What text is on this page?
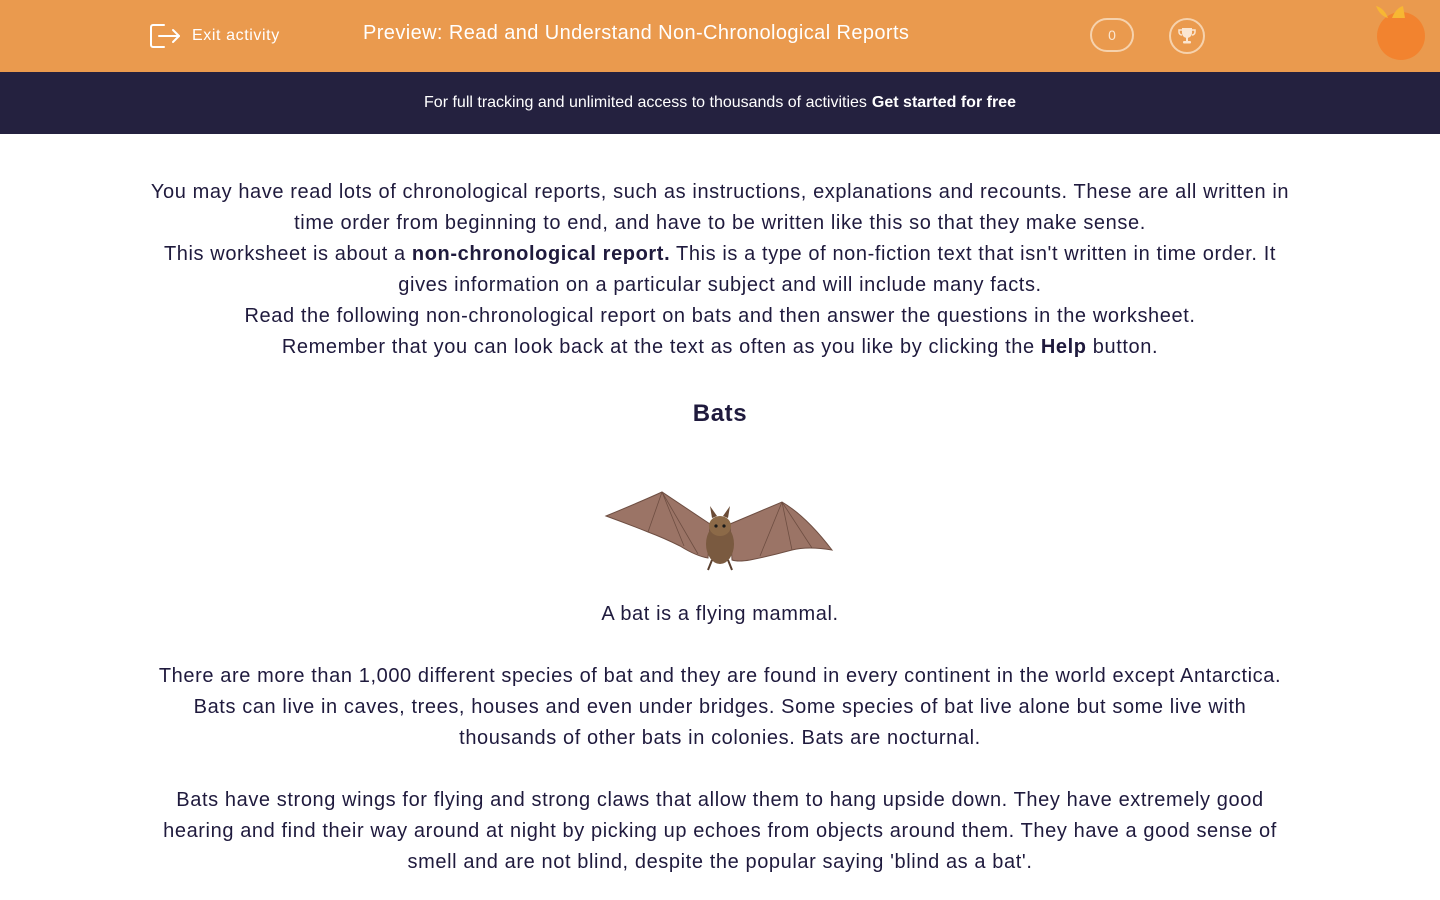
Exit activity	Preview: Read and Understand Non-Chronological Reports	0
For full tracking and unlimited access to thousands of activities Get started for free

You may have read lots of chronological reports, such as instructions, explanations and recounts. These are all written in time order from beginning to end, and have to be written like this so that they make sense.

This worksheet is about a non-chronological report. This is a type of non-fiction text that isn't written in time order. It gives information on a particular subject and will include many facts.

Read the following non-chronological report on bats and then answer the questions in the worksheet.

Remember that you can look back at the text as often as you like by clicking the Help button.

Bats

A bat is a flying mammal.

There are more than 1,000 different species of bat and they are found in every continent in the world except Antarctica. Bats can live in caves, trees, houses and even under bridges. Some species of bat live alone but some live with thousands of other bats in colonies. Bats are nocturnal.

Bats have strong wings for flying and strong claws that allow them to hang upside down. They have extremely good hearing and find their way around at night by picking up echoes from objects around them. They have a good sense of smell and are not blind, despite the popular saying 'blind as a bat'.
